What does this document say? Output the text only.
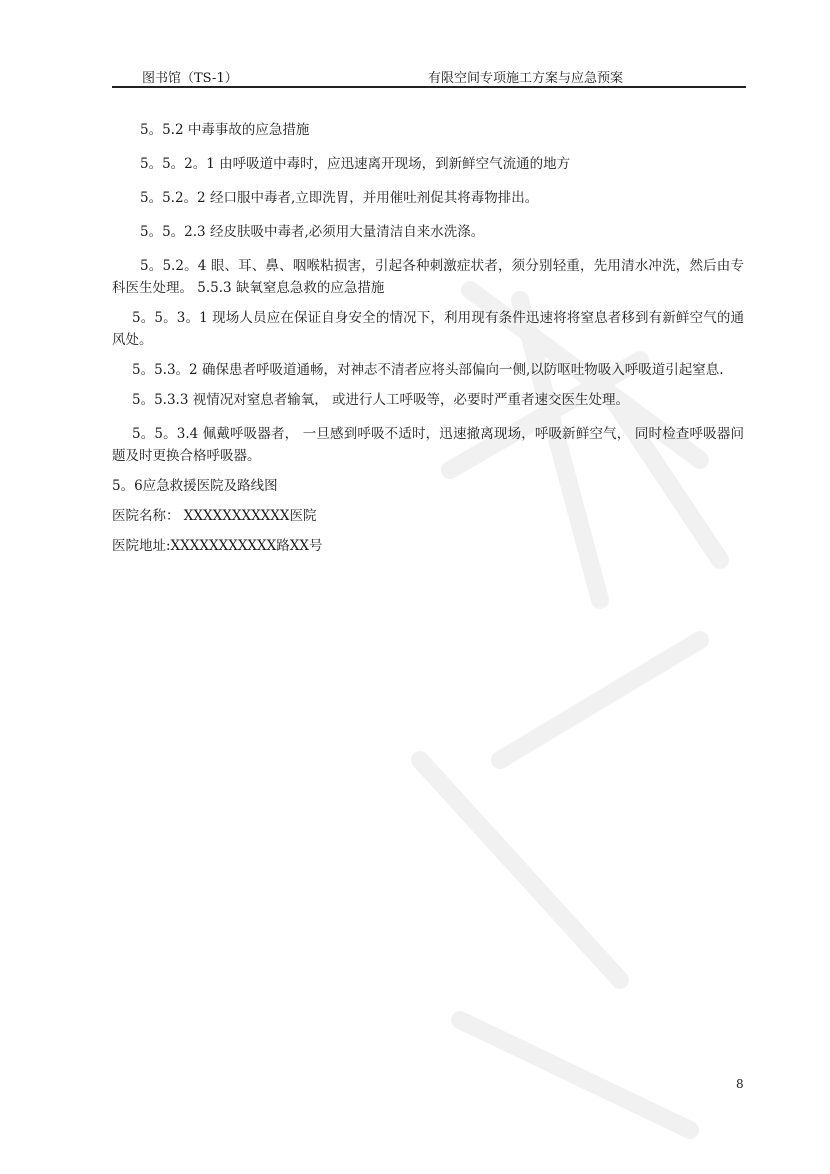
图书馆（TS-1）	有限空间专项施工方案与应急预案

5。5.2 中毒事故的应急措施

5。5。2。1 由呼吸道中毒时，应迅速离开现场，到新鲜空气流通的地方

5。5.2。2 经口服中毒者,立即洗胃，并用催吐剂促其将毒物排出。

5。5。2.3 经皮肤吸中毒者,必须用大量清洁自来水洗涤。

5。5.2。4 眼、耳、鼻、咽喉粘损害，引起各种刺激症状者，须分别轻重，先用清水冲洗，然后由专科医生处理。 5.5.3 缺氧窒息急救的应急措施

5。5。3。1 现场人员应在保证自身安全的情况下，利用现有条件迅速将将窒息者移到有新鲜空气的通风处。

5。5.3。2 确保患者呼吸道通畅，对神志不清者应将头部偏向一侧,以防呕吐物吸入呼吸道引起窒息.

5。5.3.3 视情况对窒息者输氧， 或进行人工呼吸等，必要时严重者速交医生处理。

5。5。3.4 佩戴呼吸器者， 一旦感到呼吸不适时，迅速撤离现场，呼吸新鲜空气， 同时检查呼吸器问题及时更换合格呼吸器。

5。6应急救援医院及路线图

医院名称： XXXXXXXXXXX医院

医院地址:XXXXXXXXXXX路XX号

8
